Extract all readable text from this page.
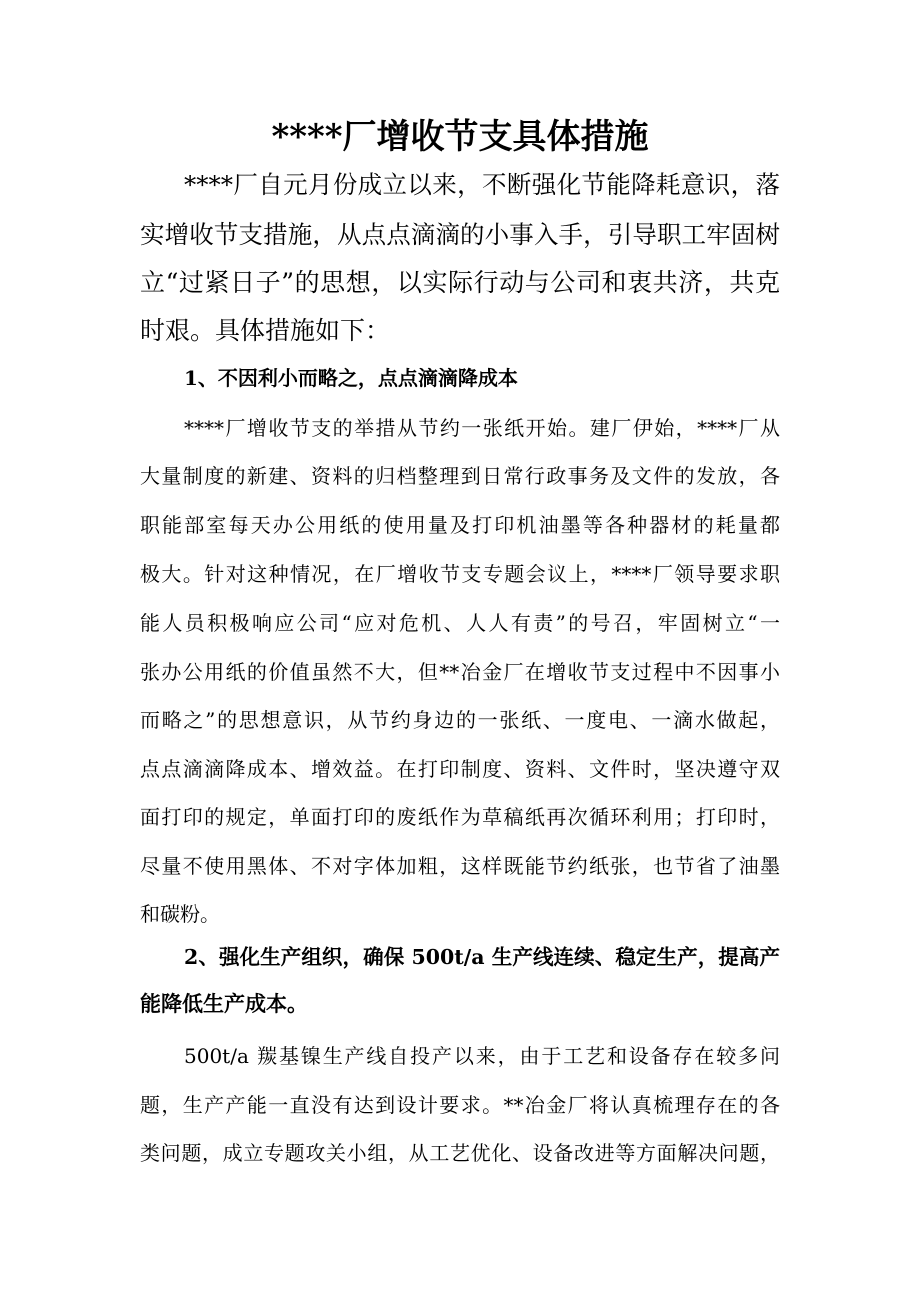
****厂增收节支具体措施
****厂自元月份成立以来，不断强化节能降耗意识，落
实增收节支措施，从点点滴滴的小事入手，引导职工牢固树
立“过紧日子”的思想，以实际行动与公司和衷共济，共克
时艰。具体措施如下：
1、不因利小而略之，点点滴滴降成本
****厂增收节支的举措从节约一张纸开始。建厂伊始，****厂从
大量制度的新建、资料的归档整理到日常行政事务及文件的发放，各
职能部室每天办公用纸的使用量及打印机油墨等各种器材的耗量都
极大。针对这种情况，在厂增收节支专题会议上，****厂领导要求职
能人员积极响应公司“应对危机、人人有责”的号召，牢固树立“一
张办公用纸的价值虽然不大，但**冶金厂在增收节支过程中不因事小
而略之”的思想意识，从节约身边的一张纸、一度电、一滴水做起，
点点滴滴降成本、增效益。在打印制度、资料、文件时，坚决遵守双
面打印的规定，单面打印的废纸作为草稿纸再次循环利用；打印时，
尽量不使用黑体、不对字体加粗，这样既能节约纸张，也节省了油墨
和碳粉。
2、强化生产组织，确保 500t/a 生产线连续、稳定生产，提高产
能降低生产成本。
500t/a 羰基镍生产线自投产以来，由于工艺和设备存在较多问
题，生产产能一直没有达到设计要求。**冶金厂将认真梳理存在的各
类问题，成立专题攻关小组，从工艺优化、设备改进等方面解决问题，
